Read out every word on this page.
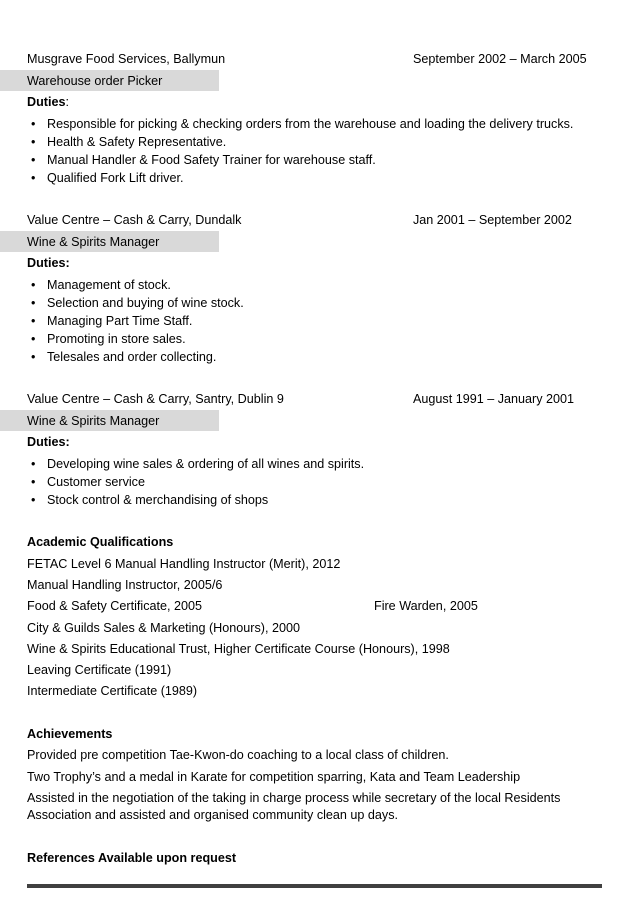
Musgrave Food Services, Ballymun	September 2002 – March 2005
Warehouse order Picker
Duties:
• Responsible for picking & checking orders from the warehouse and loading the delivery trucks.
• Health & Safety Representative.
• Manual Handler & Food Safety Trainer for warehouse staff.
• Qualified Fork Lift driver.
Value Centre – Cash & Carry, Dundalk	Jan 2001 – September 2002
Wine & Spirits Manager
Duties:
• Management of stock.
• Selection and buying of wine stock.
• Managing Part Time Staff.
• Promoting in store sales.
• Telesales and order collecting.
Value Centre – Cash & Carry, Santry, Dublin 9	August 1991 – January 2001
Wine & Spirits Manager
Duties:
• Developing wine sales & ordering of all wines and spirits.
• Customer service
• Stock control & merchandising of shops
Academic Qualifications
FETAC Level 6 Manual Handling Instructor (Merit), 2012
Manual Handling Instructor, 2005/6
Food & Safety Certificate, 2005	Fire Warden, 2005
City & Guilds Sales & Marketing (Honours), 2000
Wine & Spirits Educational Trust, Higher Certificate Course (Honours), 1998
Leaving Certificate (1991)
Intermediate Certificate (1989)
Achievements
Provided pre competition Tae-Kwon-do coaching to a local class of children.
Two Trophy’s and a medal in Karate for competition sparring, Kata and Team Leadership
Assisted in the negotiation of the taking in charge process while secretary of the local Residents Association and assisted and organised community clean up days.
References Available upon request
